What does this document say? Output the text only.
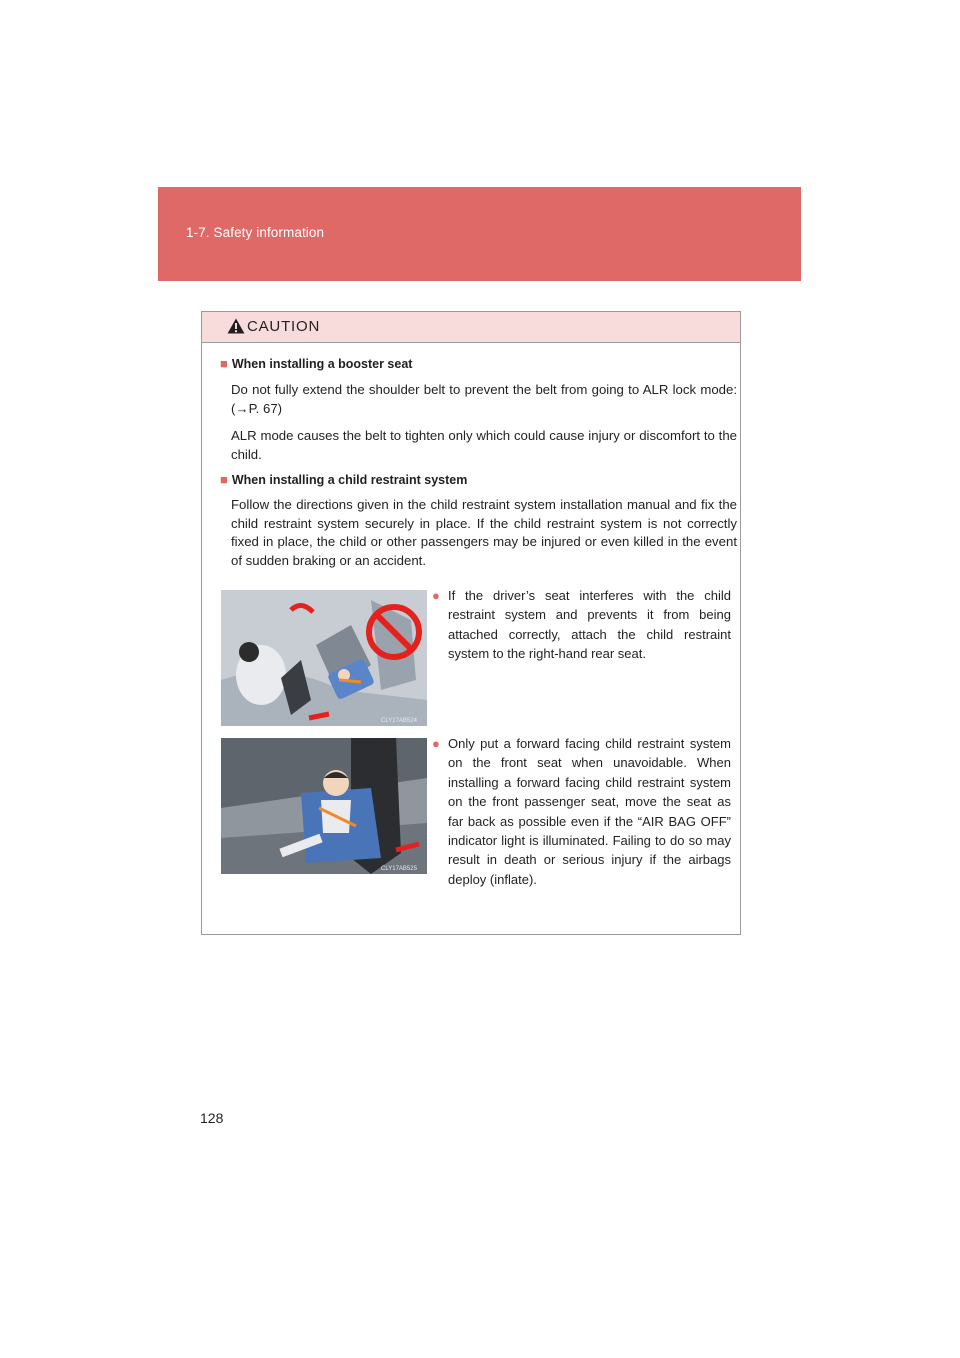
1-7. Safety information
CAUTION
■ When installing a booster seat
Do not fully extend the shoulder belt to prevent the belt from going to ALR lock mode: (→P. 67)
ALR mode causes the belt to tighten only which could cause injury or discomfort to the child.
■ When installing a child restraint system
Follow the directions given in the child restraint system installation manual and fix the child restraint system securely in place. If the child restraint system is not correctly fixed in place, the child or other passengers may be injured or even killed in the event of sudden braking or an accident.
CLY17AB524
● If the driver’s seat interferes with the child restraint system and prevents it from being attached correctly, attach the child restraint system to the right-hand rear seat.
CLY17AB525
● Only put a forward facing child restraint system on the front seat when unavoidable. When installing a forward facing child restraint system on the front passenger seat, move the seat as far back as possible even if the “AIR BAG OFF” indicator light is illuminated. Failing to do so may result in death or serious injury if the airbags deploy (inflate).
128
